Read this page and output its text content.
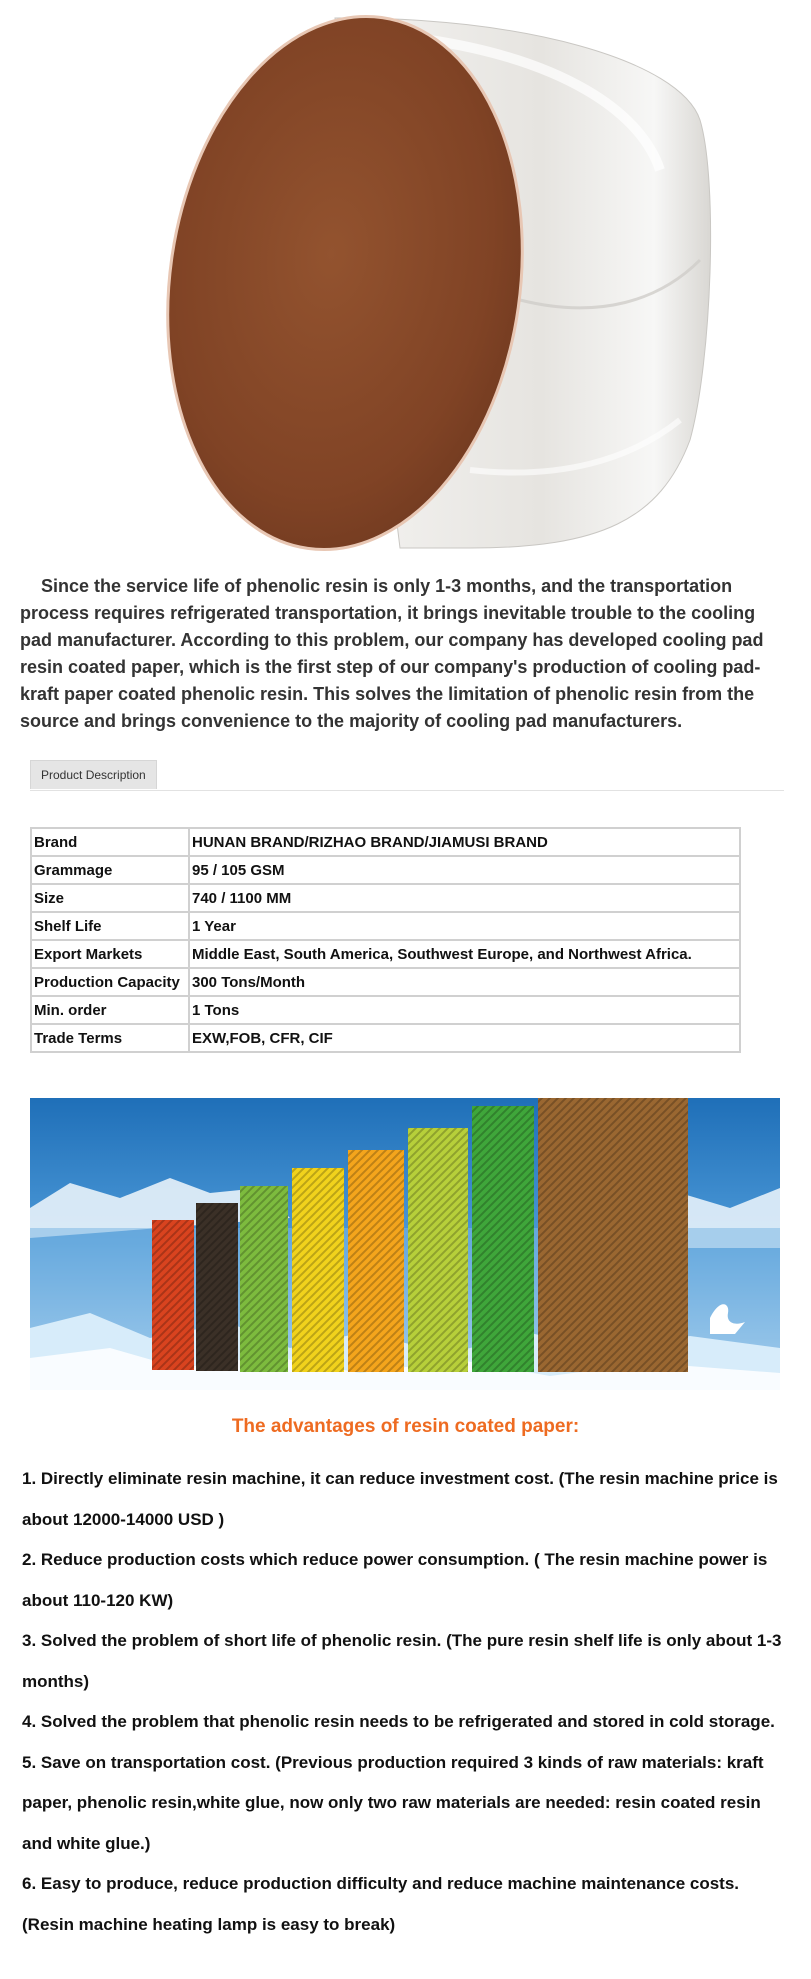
Since the service life of phenolic resin is only 1-3 months, and the transportation process requires refrigerated transportation, it brings inevitable trouble to the cooling pad manufacturer. According to this problem, our company has developed cooling pad resin coated paper, which is the first step of our company's production of cooling pad-kraft paper coated phenolic resin. This solves the limitation of phenolic resin from the source and brings convenience to the majority of cooling pad manufacturers.

Product Description
Brand	HUNAN BRAND/RIZHAO BRAND/JIAMUSI BRAND
Grammage	95 / 105 GSM
Size	740 / 1100 MM
Shelf Life	1 Year
Export Markets	Middle East, South America, Southwest Europe, and Northwest Africa.
Production Capacity	300 Tons/Month
Min. order	1 Tons
Trade Terms	EXW,FOB, CFR, CIF
The advantages of resin coated paper:
1. Directly eliminate resin machine, it can reduce investment cost. (The resin machine price is about 12000-14000 USD )
2. Reduce production costs which reduce power consumption. ( The resin machine power is about 110-120 KW)
3. Solved the problem of short life of phenolic resin. (The pure resin shelf life is only about 1-3 months)
4. Solved the problem that phenolic resin needs to be refrigerated and stored in cold storage.
5. Save on transportation cost. (Previous production required 3 kinds of raw materials: kraft paper, phenolic resin,white glue, now only two raw materials are needed: resin coated resin and white glue.)
6. Easy to produce, reduce production difficulty and reduce machine maintenance costs.(Resin machine heating lamp is easy to break)
